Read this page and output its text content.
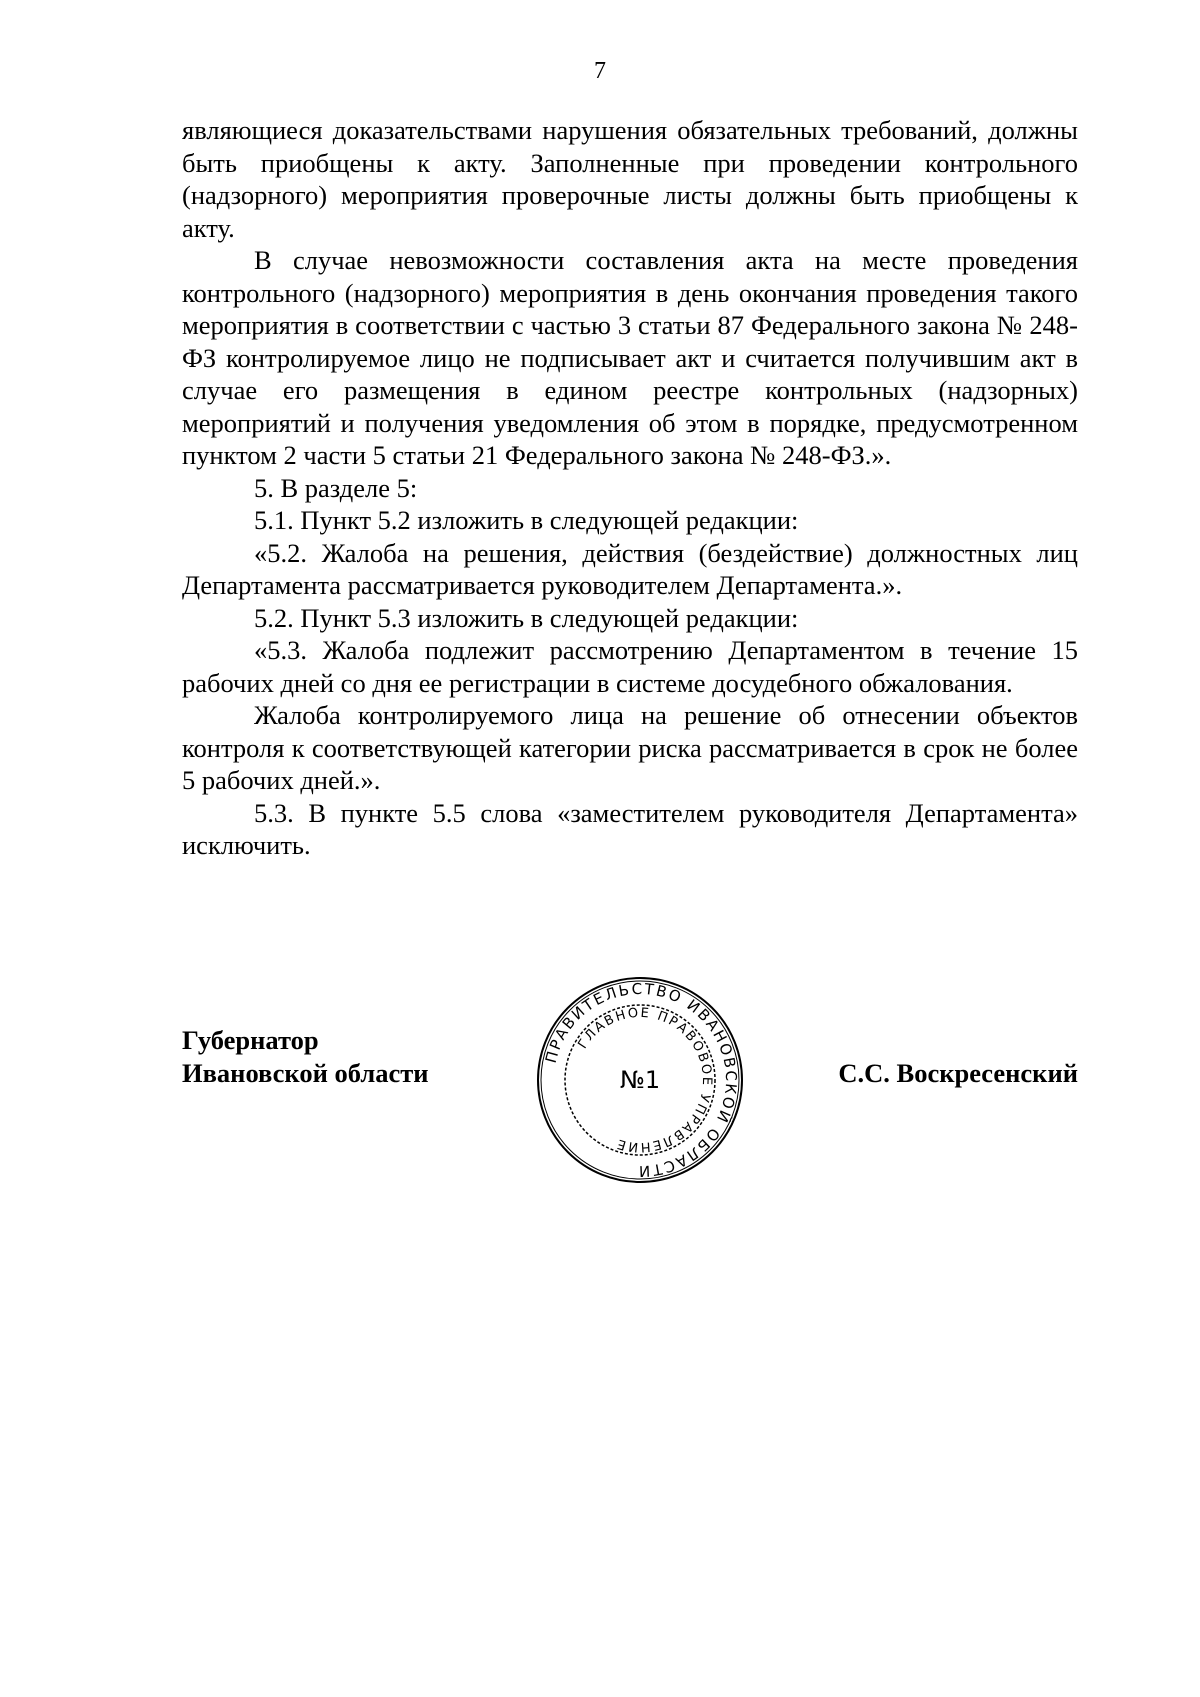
7

являющиеся доказательствами нарушения обязательных требований, должны быть приобщены к акту. Заполненные при проведении контрольного (надзорного) мероприятия проверочные листы должны быть приобщены к акту.

В случае невозможности составления акта на месте проведения контрольного (надзорного) мероприятия в день окончания проведения такого мероприятия в соответствии с частью 3 статьи 87 Федерального закона № 248-ФЗ контролируемое лицо не подписывает акт и считается получившим акт в случае его размещения в едином реестре контрольных (надзорных) мероприятий и получения уведомления об этом в порядке, предусмотренном пунктом 2 части 5 статьи 21 Федерального закона № 248-ФЗ.».

5. В разделе 5:

5.1. Пункт 5.2 изложить в следующей редакции:

«5.2. Жалоба на решения, действия (бездействие) должностных лиц Департамента рассматривается руководителем Департамента.».

5.2. Пункт 5.3 изложить в следующей редакции:

«5.3. Жалоба подлежит рассмотрению Департаментом в течение 15 рабочих дней со дня ее регистрации в системе досудебного обжалования.

Жалоба контролируемого лица на решение об отнесении объектов контроля к соответствующей категории риска рассматривается в срок не более 5 рабочих дней.».

5.3. В пункте 5.5 слова «заместителем руководителя Департамента» исключить.

Губернатор
Ивановской области
ПРАВИТЕЛЬСТВО ИВАНОВСКОЙ ОБЛАСТИ
ГЛАВНОЕ ПРАВОВОЕ УПРАВЛЕНИЕ
№1	С.С. Воскресенский
